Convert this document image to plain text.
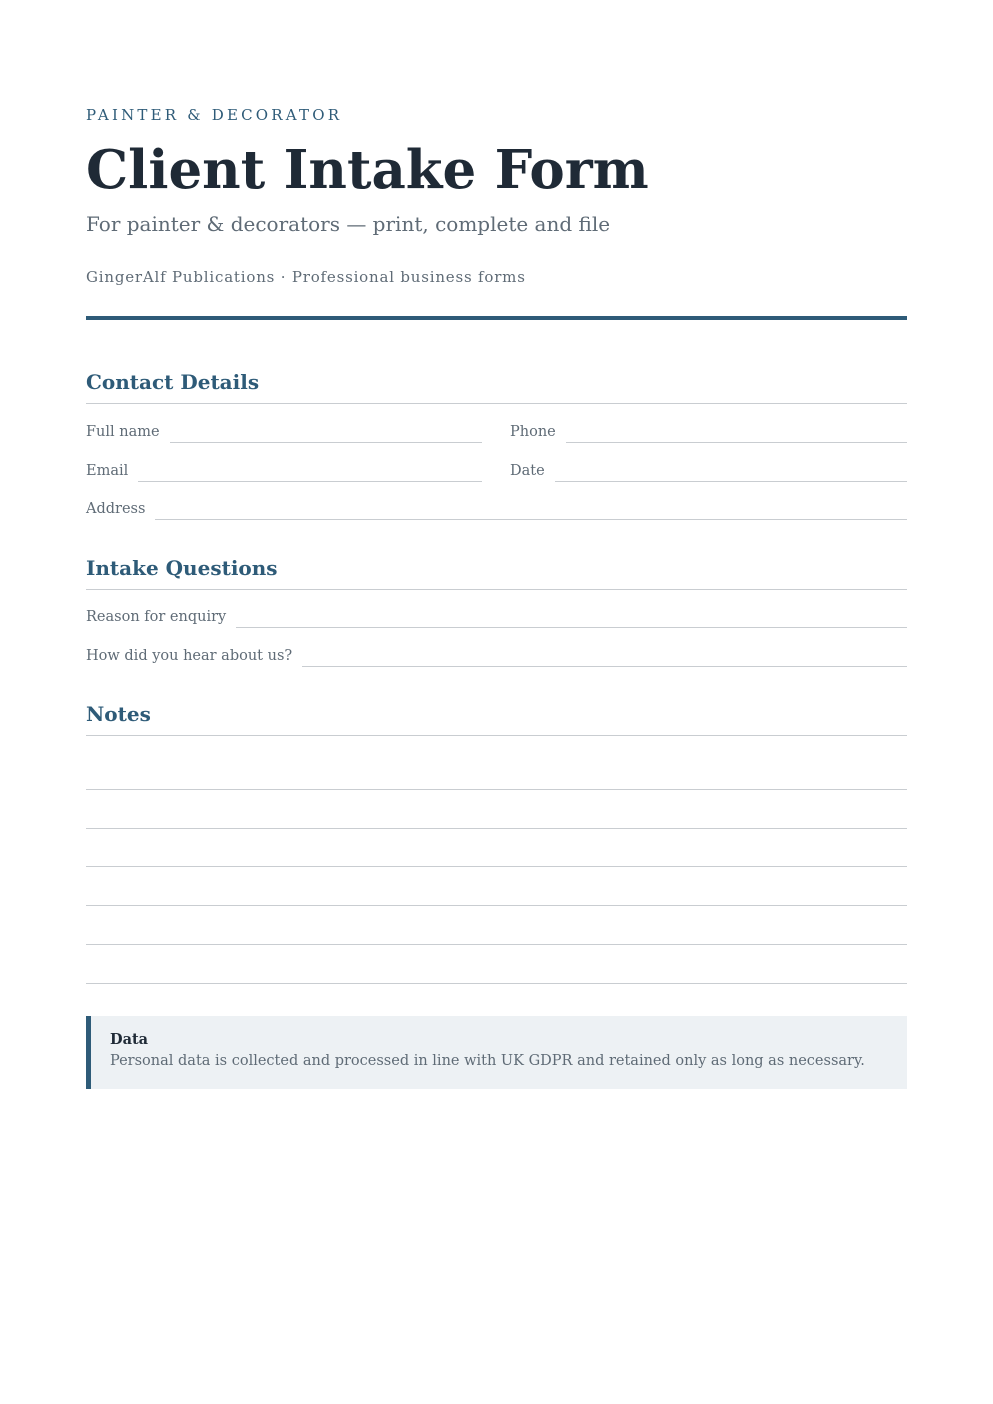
PAINTER & DECORATOR
Client Intake Form
For painter & decorators — print, complete and file
GingerAlf Publications · Professional business forms
Contact Details
Full name	Phone
Email	Date
Address
Intake Questions
Reason for enquiry
How did you hear about us?
Notes
Data
Personal data is collected and processed in line with UK GDPR and retained only as long as necessary.
